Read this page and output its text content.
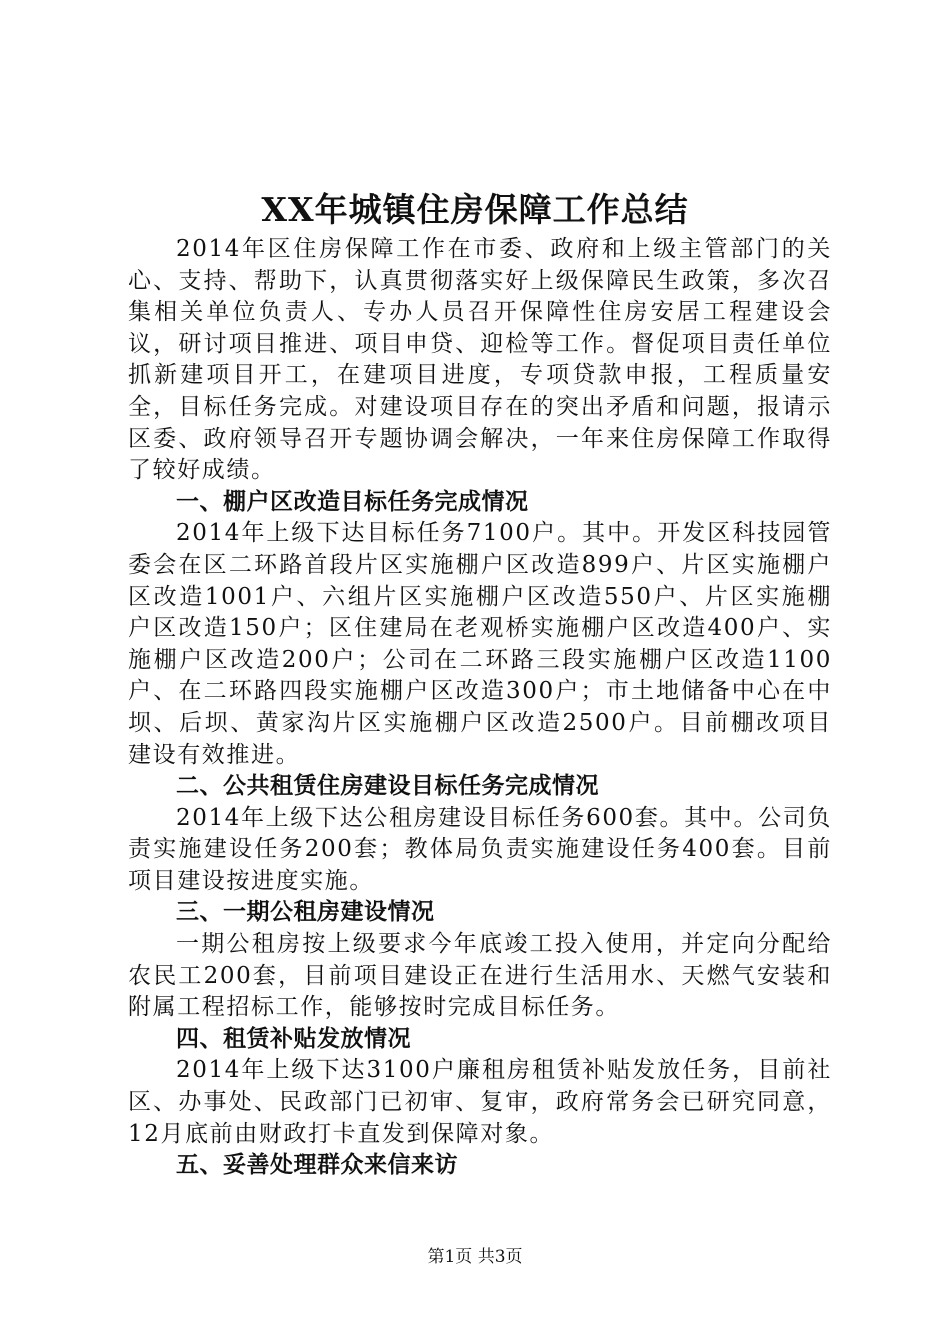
XX年城镇住房保障工作总结

2014年区住房保障工作在市委、政府和上级主管部门的关心、支持、帮助下，认真贯彻落实好上级保障民生政策，多次召集相关单位负责人、专办人员召开保障性住房安居工程建设会议，研讨项目推进、项目申贷、迎检等工作。督促项目责任单位抓新建项目开工，在建项目进度，专项贷款申报，工程质量安全，目标任务完成。对建设项目存在的突出矛盾和问题，报请示区委、政府领导召开专题协调会解决，一年来住房保障工作取得了较好成绩。

一、棚户区改造目标任务完成情况

2014年上级下达目标任务7100户。其中。开发区科技园管委会在区二环路首段片区实施棚户区改造899户、片区实施棚户区改造1001户、六组片区实施棚户区改造550户、片区实施棚户区改造150户；区住建局在老观桥实施棚户区改造400户、实施棚户区改造200户；公司在二环路三段实施棚户区改造1100户、在二环路四段实施棚户区改造300户；市土地储备中心在中坝、后坝、黄家沟片区实施棚户区改造2500户。目前棚改项目建设有效推进。

二、公共租赁住房建设目标任务完成情况

2014年上级下达公租房建设目标任务600套。其中。公司负责实施建设任务200套；教体局负责实施建设任务400套。目前项目建设按进度实施。

三、一期公租房建设情况

一期公租房按上级要求今年底竣工投入使用，并定向分配给农民工200套，目前项目建设正在进行生活用水、天燃气安装和附属工程招标工作，能够按时完成目标任务。

四、租赁补贴发放情况

2014年上级下达3100户廉租房租赁补贴发放任务，目前社区、办事处、民政部门已初审、复审，政府常务会已研究同意，12月底前由财政打卡直发到保障对象。

五、妥善处理群众来信来访

第1页 共3页
